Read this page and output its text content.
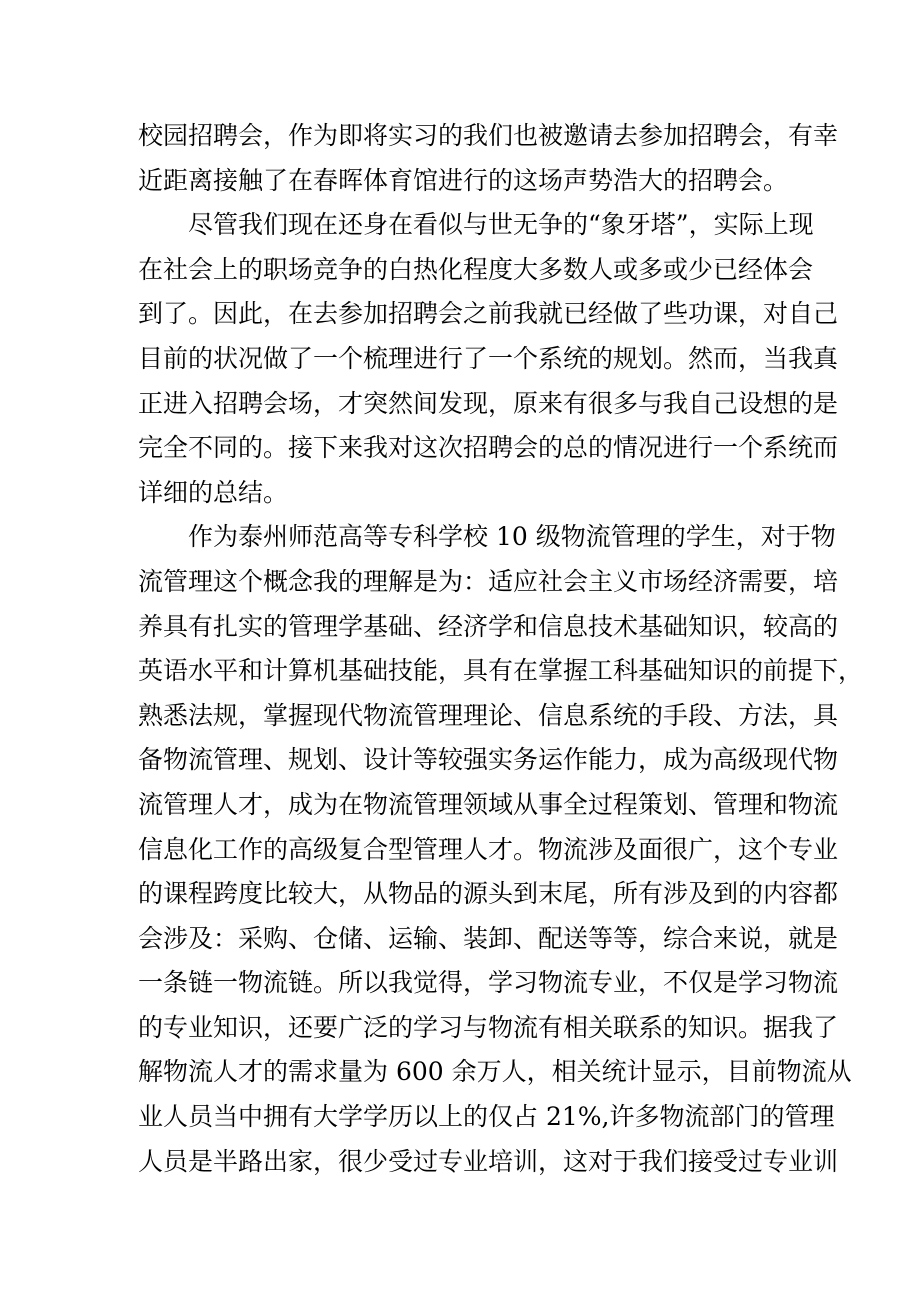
校园招聘会，作为即将实习的我们也被邀请去参加招聘会，有幸
近距离接触了在春晖体育馆进行的这场声势浩大的招聘会。
　　尽管我们现在还身在看似与世无争的“象牙塔”，实际上现
在社会上的职场竞争的白热化程度大多数人或多或少已经体会
到了。因此，在去参加招聘会之前我就已经做了些功课，对自己
目前的状况做了一个梳理进行了一个系统的规划。然而，当我真
正进入招聘会场，才突然间发现，原来有很多与我自己设想的是
完全不同的。接下来我对这次招聘会的总的情况进行一个系统而
详细的总结。
　　作为泰州师范高等专科学校 10 级物流管理的学生，对于物
流管理这个概念我的理解是为：适应社会主义市场经济需要，培
养具有扎实的管理学基础、经济学和信息技术基础知识，较高的
英语水平和计算机基础技能，具有在掌握工科基础知识的前提下，
熟悉法规，掌握现代物流管理理论、信息系统的手段、方法，具
备物流管理、规划、设计等较强实务运作能力，成为高级现代物
流管理人才，成为在物流管理领域从事全过程策划、管理和物流
信息化工作的高级复合型管理人才。物流涉及面很广，这个专业
的课程跨度比较大，从物品的源头到末尾，所有涉及到的内容都
会涉及：采购、仓储、运输、装卸、配送等等，综合来说，就是
一条链一物流链。所以我觉得，学习物流专业，不仅是学习物流
的专业知识，还要广泛的学习与物流有相关联系的知识。据我了
解物流人才的需求量为 600 余万人，相关统计显示，目前物流从
业人员当中拥有大学学历以上的仅占 21%,许多物流部门的管理
人员是半路出家，很少受过专业培训，这对于我们接受过专业训
